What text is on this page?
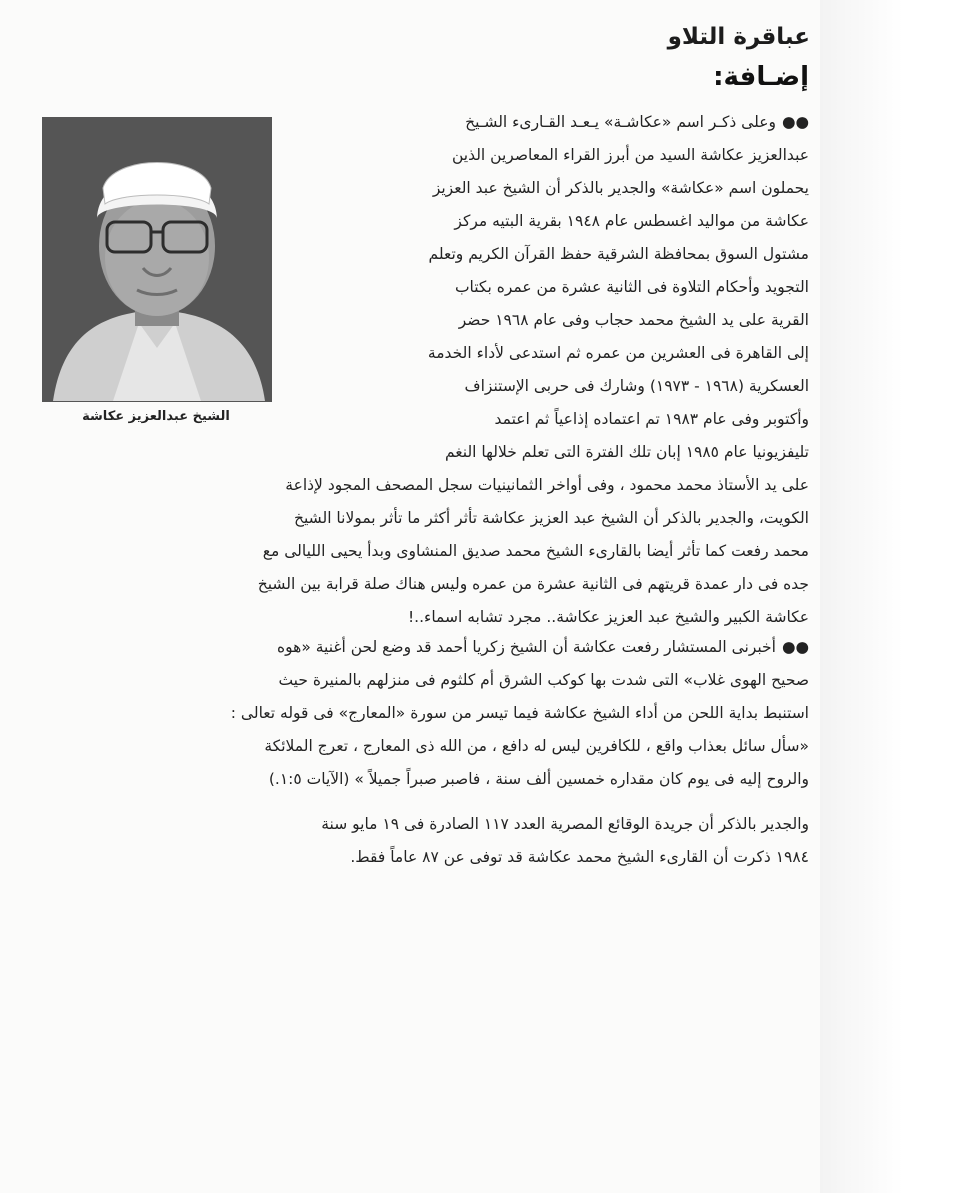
عباقرة التلاو
إضـافة:
الشيخ عبدالعزيز عكاشة
●●وعلى ذكـر اسم «عكاشـة» يـعـد القـارىء الشـيخ
عبدالعزيز عكاشة السيد من أبرز القراء المعاصرين الذين
يحملون اسم «عكاشة» والجدير بالذكر أن الشيخ عبد العزيز
عكاشة من مواليد اغسطس عام ١٩٤٨ بقرية البتيه مركز
مشتول السوق بمحافظة الشرقية حفظ القرآن الكريم وتعلم
التجويد وأحكام التلاوة فى الثانية عشرة من عمره بكتاب
القرية على يد الشيخ محمد حجاب وفى عام ١٩٦٨ حضر
إلى القاهرة فى العشرين من عمره ثم استدعى لأداء الخدمة
العسكرية (١٩٦٨ - ١٩٧٣) وشارك فى حربى الإستنزاف
وأكتوبر وفى عام ١٩٨٣ تم اعتماده إذاعياً ثم اعتمد
تليفزيونيا عام ١٩٨٥ إبان تلك الفترة التى تعلم خلالها النغم
على يد الأستاذ محمد محمود ، وفى أواخر الثمانينيات سجل المصحف المجود لإذاعة
الكويت، والجدير بالذكر أن الشيخ عبد العزيز عكاشة تأثر أكثر ما تأثر بمولانا الشيخ
محمد رفعت كما تأثر أيضا بالقارىء الشيخ محمد صديق المنشاوى وبدأ يحيى الليالى مع
جده فى دار عمدة قريتهم فى الثانية عشرة من عمره وليس هناك صلة قرابة بين الشيخ
عكاشة الكبير والشيخ عبد العزيز عكاشة.. مجرد تشابه اسماء..!
●●أخبرنى المستشار رفعت عكاشة أن الشيخ زكريا أحمد قد وضع لحن أغنية «هوه
صحيح الهوى غلاب» التى شدت بها كوكب الشرق أم كلثوم فى منزلهم بالمنيرة حيث
استنبط بداية اللحن من أداء الشيخ عكاشة فيما تيسر من سورة «المعارج» فى قوله تعالى :
«سأل سائل بعذاب واقع ، للكافرين ليس له دافع ، من الله ذى المعارج ، تعرج الملائكة
والروح إليه فى يوم كان مقداره خمسين ألف سنة ، فاصبر صبراً جميلاً » (الآيات ١:٥.)
والجدير بالذكر أن جريدة الوقائع المصرية العدد ١١٧ الصادرة فى ١٩ مايو سنة
١٩٨٤ ذكرت أن القارىء الشيخ محمد عكاشة قد توفى عن ٨٧ عاماً فقط.
